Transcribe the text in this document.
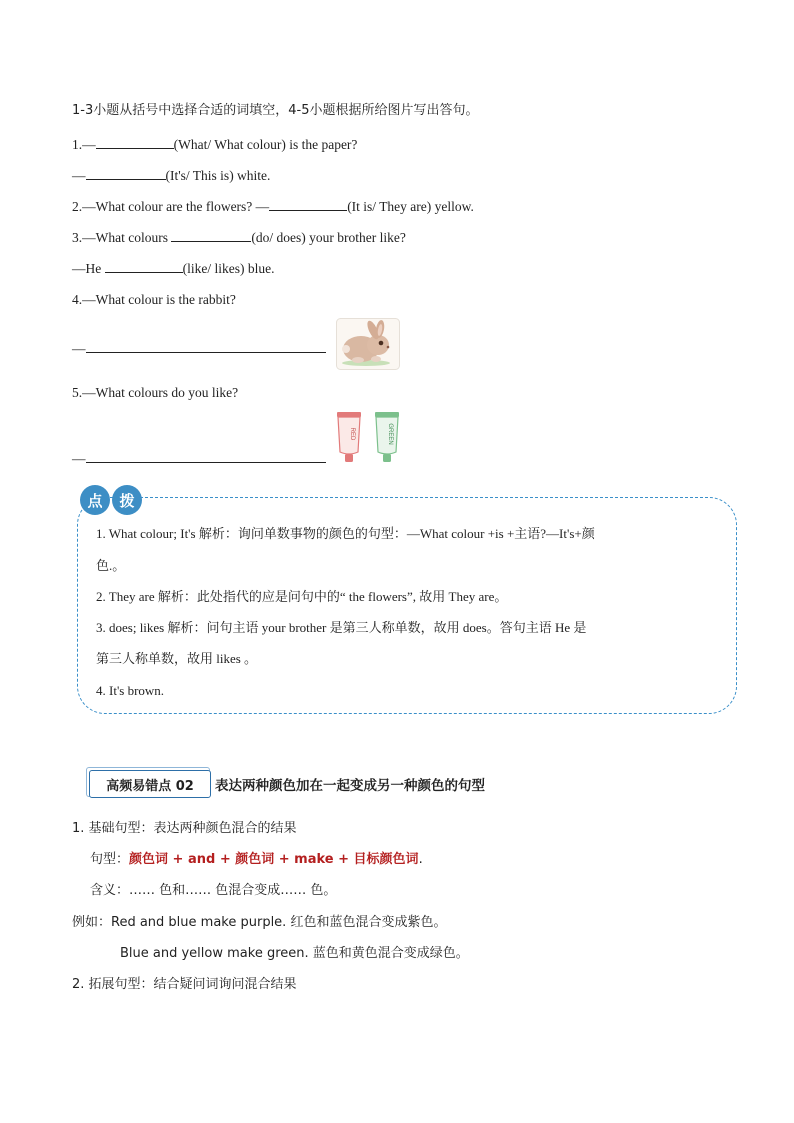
1-3小题从括号中选择合适的词填空，4-5小题根据所给图片写出答句。
1.—	(What/ What colour) is the paper?
—	(It's/ This is) white.
2.—What colour are the flowers? —	(It is/ They are) yellow.
3.—What colours	(do/ does) your brother like?
—He	(like/ likes) blue.
4.—What colour is the rabbit?
—
5.—What colours do you like?
—
RED	GREEN
点	拨
1. What colour; It's 解析：询问单数事物的颜色的句型：—What colour +is +主语?—It's+颜
色.。
2. They are 解析：此处指代的应是问句中的“ the flowers”, 故用 They are。
3. does; likes 解析：问句主语 your brother 是第三人称单数，故用 does。答句主语 He 是
第三人称单数，故用 likes 。
4. It's brown.
高频易错点 02	表达两种颜色加在一起变成另一种颜色的句型
1. 基础句型：表达两种颜色混合的结果
句型：颜色词 + and + 颜色词 + make + 目标颜色词.
含义：…… 色和…… 色混合变成…… 色。
例如：Red and blue make purple. 红色和蓝色混合变成紫色。
Blue and yellow make green. 蓝色和黄色混合变成绿色。
2. 拓展句型：结合疑问词询问混合结果
